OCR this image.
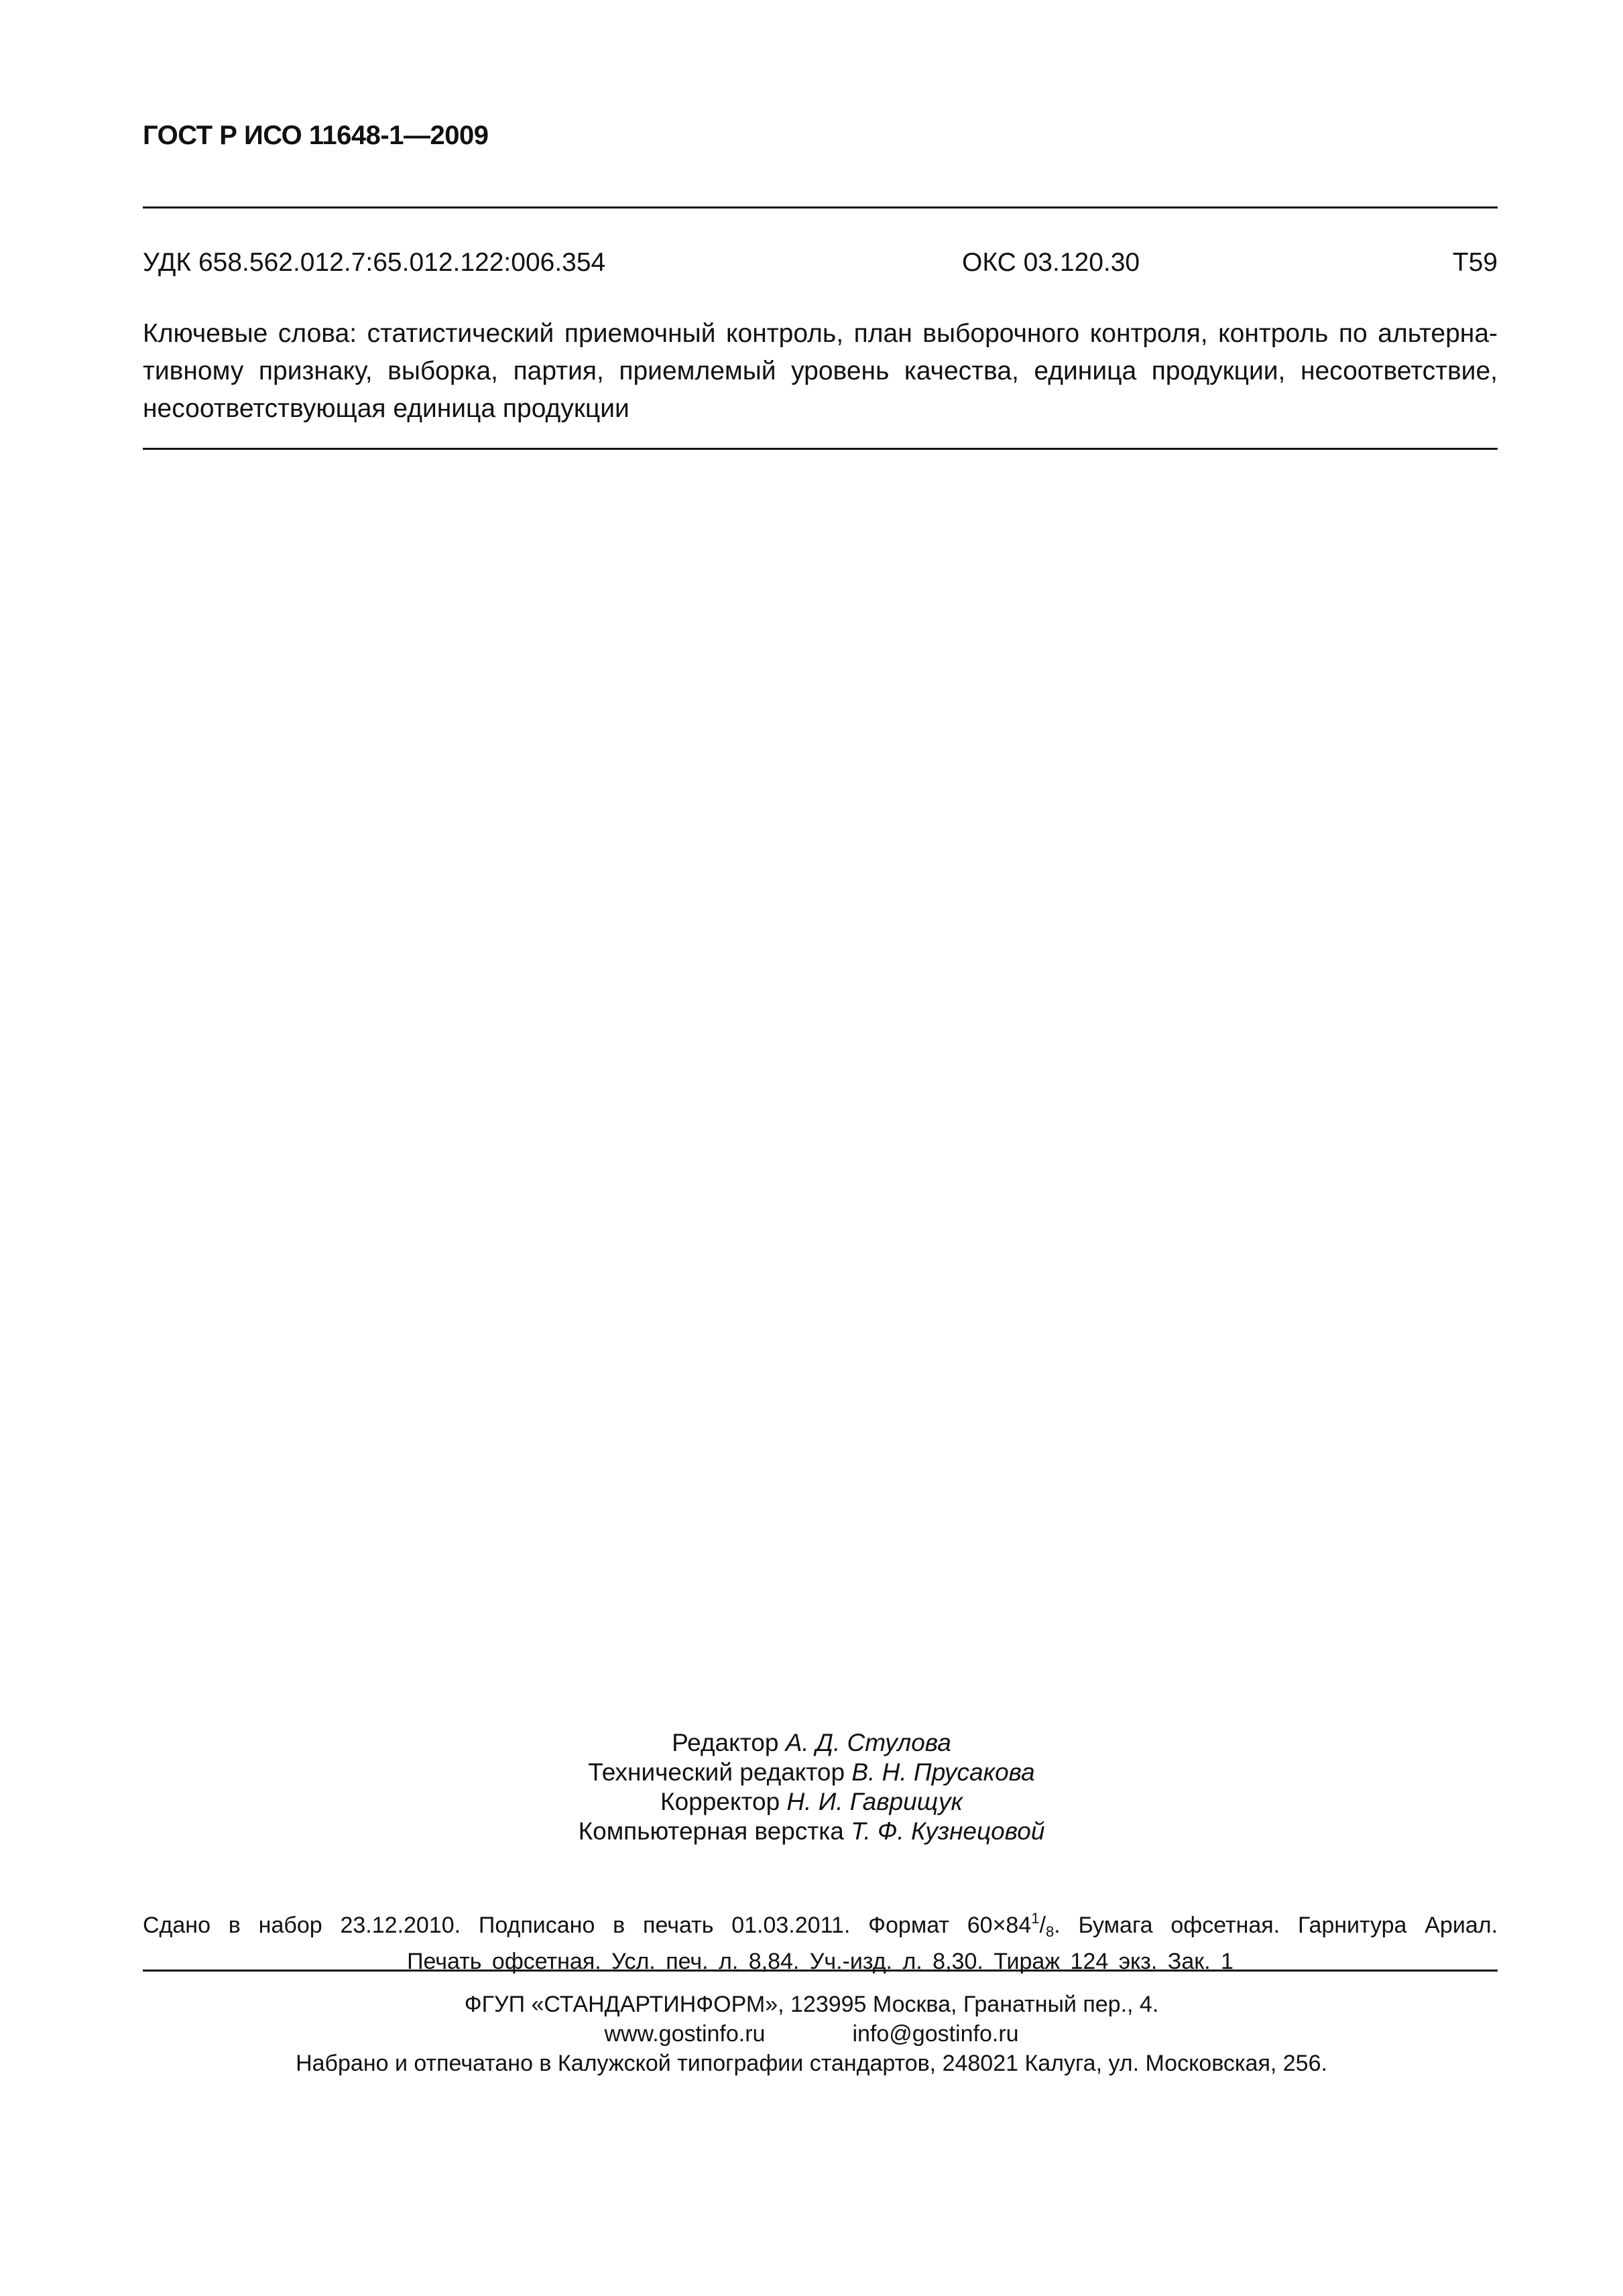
ГОСТ Р ИСО 11648-1—2009
УДК 658.562.012.7:65.012.122:006.354	ОКС 03.120.30	Т59
Ключевые слова: статистический приемочный контроль, план выборочного контроля, контроль по альтерна-
тивному признаку, выборка, партия, приемлемый уровень качества, единица продукции, несоответствие,
несоответствующая единица продукции
Редактор А. Д. Стулова
Технический редактор В. Н. Прусакова
Корректор Н. И. Гаврищук
Компьютерная верстка Т. Ф. Кузнецовой
Сдано в набор 23.12.2010. Подписано в печать 01.03.2011. Формат $60\times 84^1/_8$. Бумага офсетная. Гарнитура Ариал.
Печать офсетная. Усл. печ. л. 8,84. Уч.-изд. л. 8,30. Тираж 124 экз. Зак. 1
ФГУП «СТАНДАРТИНФОРМ», 123995 Москва, Гранатный пер., 4.
www.gostinfo.ru	info@gostinfo.ru
Набрано и отпечатано в Калужской типографии стандартов, 248021 Калуга, ул. Московская, 256.
